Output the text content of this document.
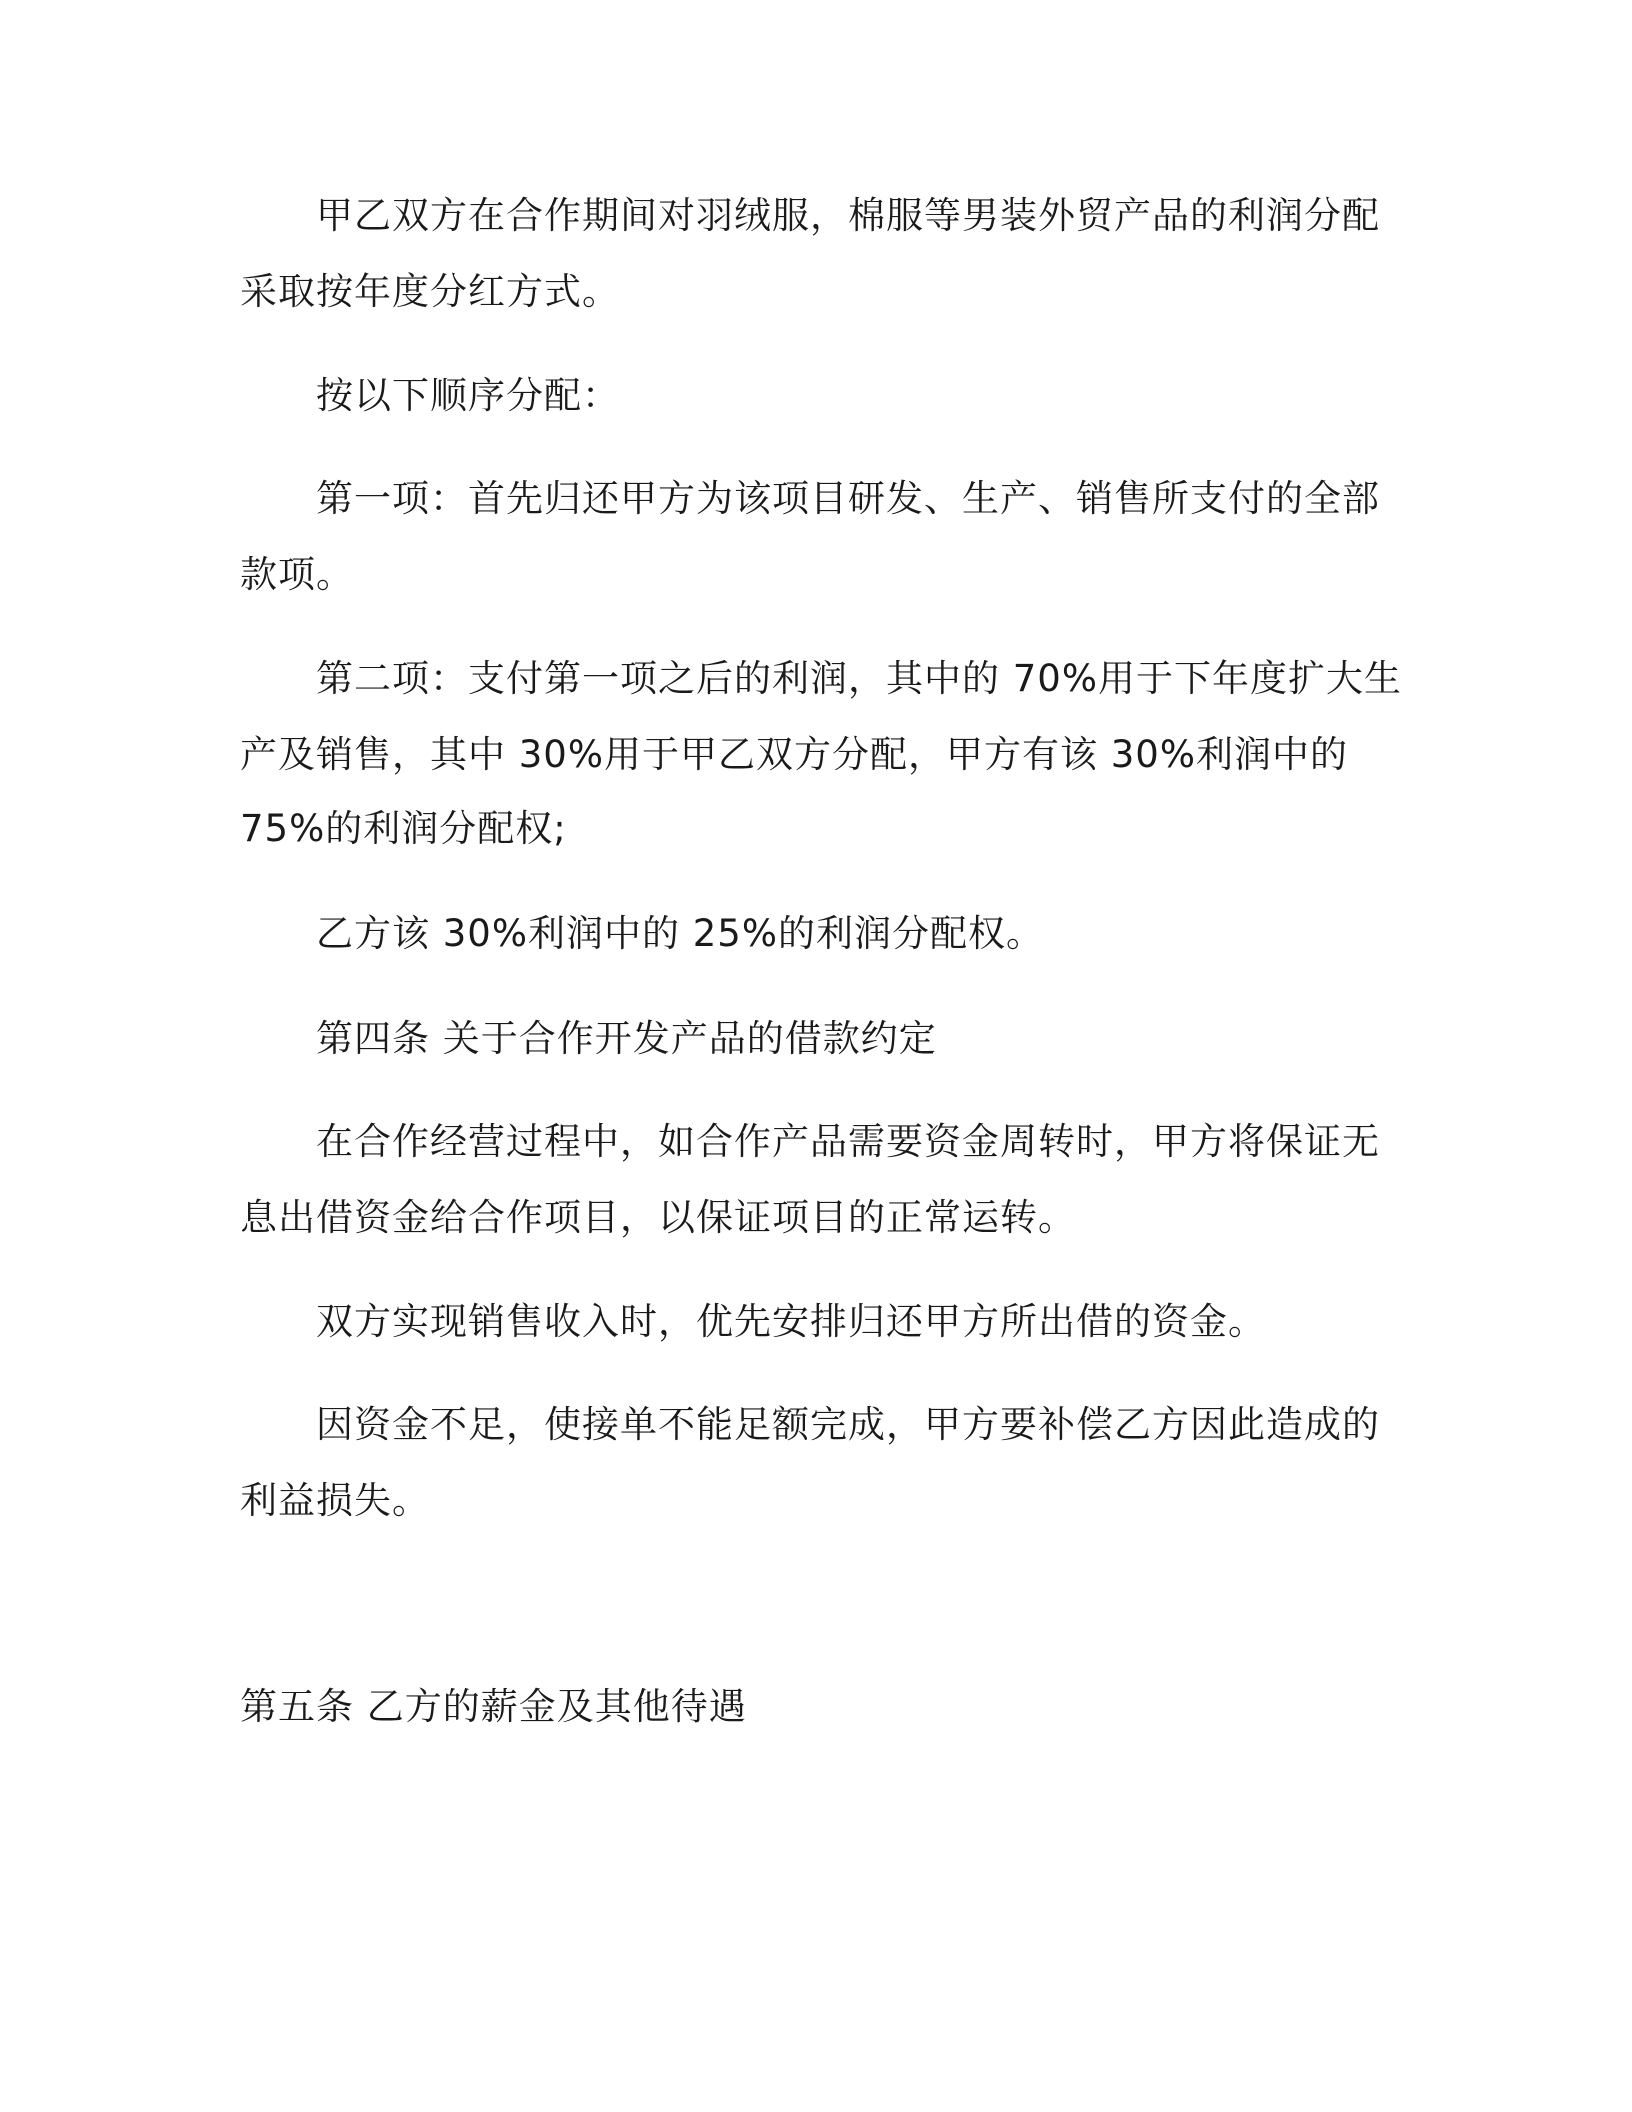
甲乙双方在合作期间对羽绒服，棉服等男装外贸产品的利润分配
采取按年度分红方式。
按以下顺序分配：
第一项：首先归还甲方为该项目研发、生产、销售所支付的全部
款项。
第二项：支付第一项之后的利润，其中的 70%用于下年度扩大生
产及销售，其中 30%用于甲乙双方分配，甲方有该 30%利润中的
75%的利润分配权;
乙方该 30%利润中的 25%的利润分配权。
第四条 关于合作开发产品的借款约定
在合作经营过程中，如合作产品需要资金周转时，甲方将保证无
息出借资金给合作项目，以保证项目的正常运转。
双方实现销售收入时，优先安排归还甲方所出借的资金。
因资金不足，使接单不能足额完成，甲方要补偿乙方因此造成的
利益损失。
第五条 乙方的薪金及其他待遇
